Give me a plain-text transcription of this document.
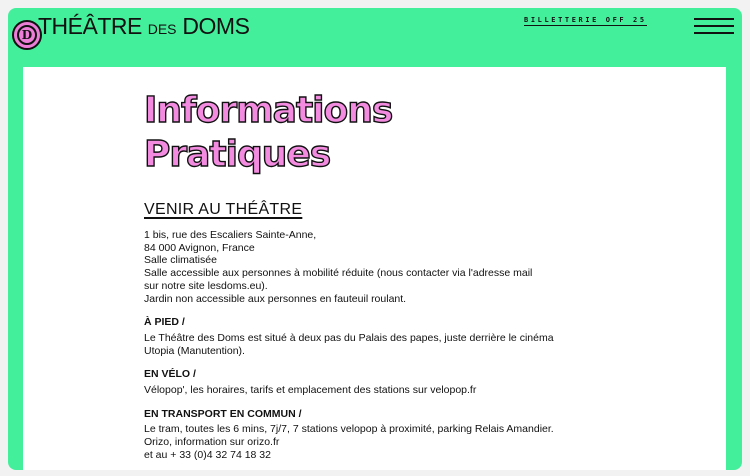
D THÉÂTRE DES DOMS	BILLETTERIE OFF 25
Informations
Pratiques
VENIR AU THÉÂTRE
1 bis, rue des Escaliers Sainte-Anne,
84 000 Avignon, France
Salle climatisée
Salle accessible aux personnes à mobilité réduite (nous contacter via l'adresse mail
sur notre site lesdoms.eu).
Jardin non accessible aux personnes en fauteuil roulant.
À PIED /
Le Théâtre des Doms est situé à deux pas du Palais des papes, juste derrière le cinéma
Utopia (Manutention).
EN VÉLO /
Vélopop', les horaires, tarifs et emplacement des stations sur velopop.fr
EN TRANSPORT EN COMMUN /
Le tram, toutes les 6 mins, 7j/7, 7 stations velopop à proximité, parking Relais Amandier.
Orizo, information sur orizo.fr
et au + 33 (0)4 32 74 18 32
